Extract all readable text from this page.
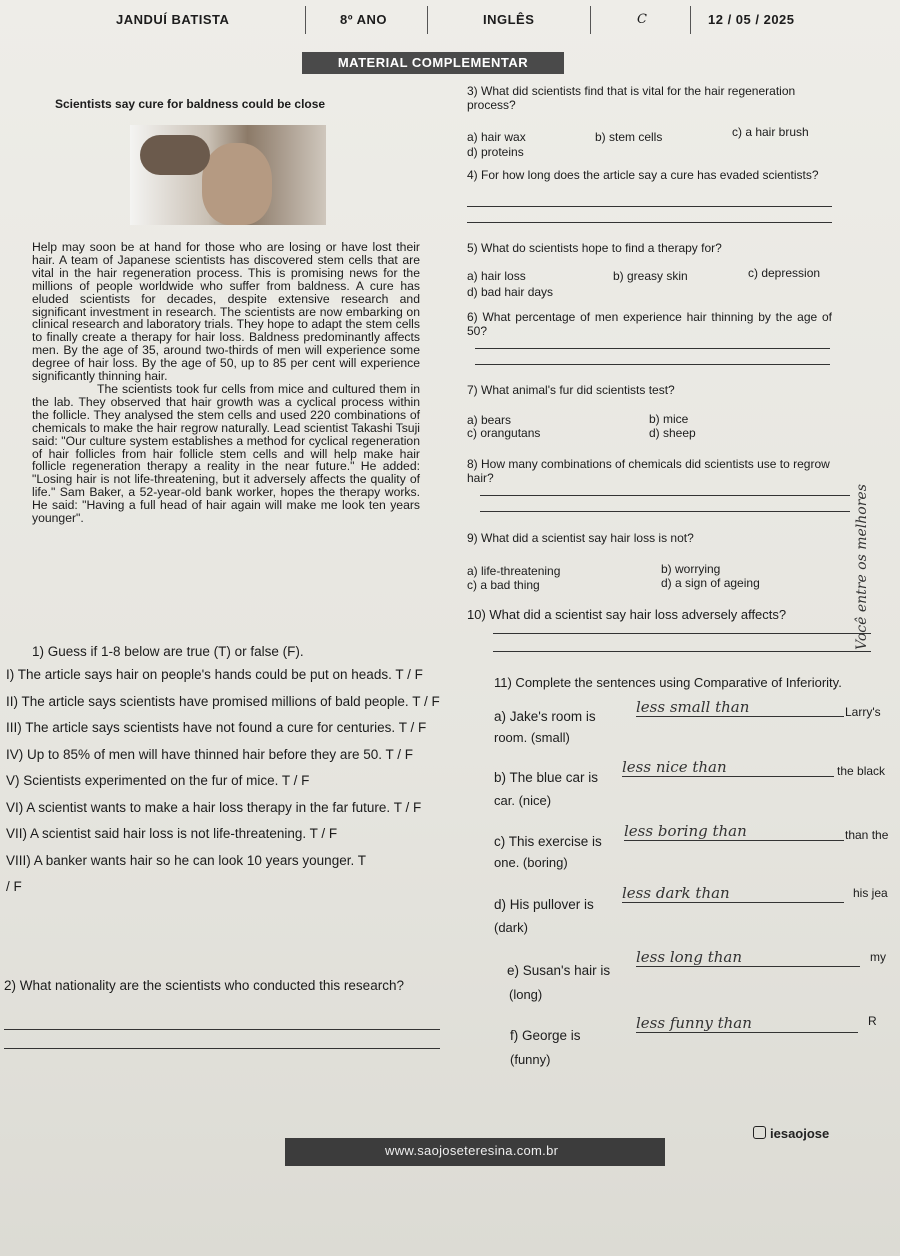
JANDUÍ BATISTA	8º ANO	INGLÊS	C	12 / 05 / 2025
MATERIAL COMPLEMENTAR
Scientists say cure for baldness could be close

Help may soon be at hand for those who are losing or have lost their hair. A team of Japanese scientists has discovered stem cells that are vital in the hair regeneration process. This is promising news for the millions of people worldwide who suffer from baldness. A cure has eluded scientists for decades, despite extensive research and significant investment in research. The scientists are now embarking on clinical research and laboratory trials. They hope to adapt the stem cells to finally create a therapy for hair loss. Baldness predominantly affects men. By the age of 35, around two-thirds of men will experience some degree of hair loss. By the age of 50, up to 85 per cent will experience significantly thinning hair.

The scientists took fur cells from mice and cultured them in the lab. They observed that hair growth was a cyclical process within the follicle. They analysed the stem cells and used 220 combinations of chemicals to make the hair regrow naturally. Lead scientist Takashi Tsuji said: "Our culture system establishes a method for cyclical regeneration of hair follicles from hair follicle stem cells and will help make hair follicle regeneration therapy a reality in the near future." He added: "Losing hair is not life-threatening, but it adversely affects the quality of life." Sam Baker, a 52-year-old bank worker, hopes the therapy works. He said: "Having a full head of hair again will make me look ten years younger".

1) Guess if 1-8 below are true (T) or false (F).
I) The article says hair on people's hands could be put on heads. T / F
II) The article says scientists have promised millions of bald people. T / F
III) The article says scientists have not found a cure for centuries. T / F
IV) Up to 85% of men will have thinned hair before they are 50. T / F
V) Scientists experimented on the fur of mice. T / F
VI) A scientist wants to make a hair loss therapy in the far future. T / F
VII) A scientist said hair loss is not life-threatening. T / F
VIII) A banker wants hair so he can look 10 years younger. T
/ F
2) What nationality are the scientists who conducted this research?
3) What did scientists find that is vital for the hair regeneration process?
a) hair wax	b) stem cells	c) a hair brush
d) proteins
4) For how long does the article say a cure has evaded scientists?
5) What do scientists hope to find a therapy for?
a) hair loss	b) greasy skin	c) depression
d) bad hair days
6) What percentage of men experience hair thinning by the age of 50?
7) What animal's fur did scientists test?
a) bears	b) mice
c) orangutans	d) sheep
8) How many combinations of chemicals did scientists use to regrow hair?
9) What did a scientist say hair loss is not?
a) life-threatening	b) worrying
c) a bad thing	d) a sign of ageing
10) What did a scientist say hair loss adversely affects?
11) Complete the sentences using Comparative of Inferiority.
a) Jake's room is
less small than	Larry's
room. (small)
b) The blue car is
less nice than	the black
car. (nice)
c) This exercise is
less boring than	than the
one. (boring)
d) His pullover is
less dark than	his jea
(dark)
e) Susan's hair is
less long than	my
(long)
f) George is
less funny than	R
(funny)
Você entre os melhores
www.saojoseteresina.com.br
iesaojose
